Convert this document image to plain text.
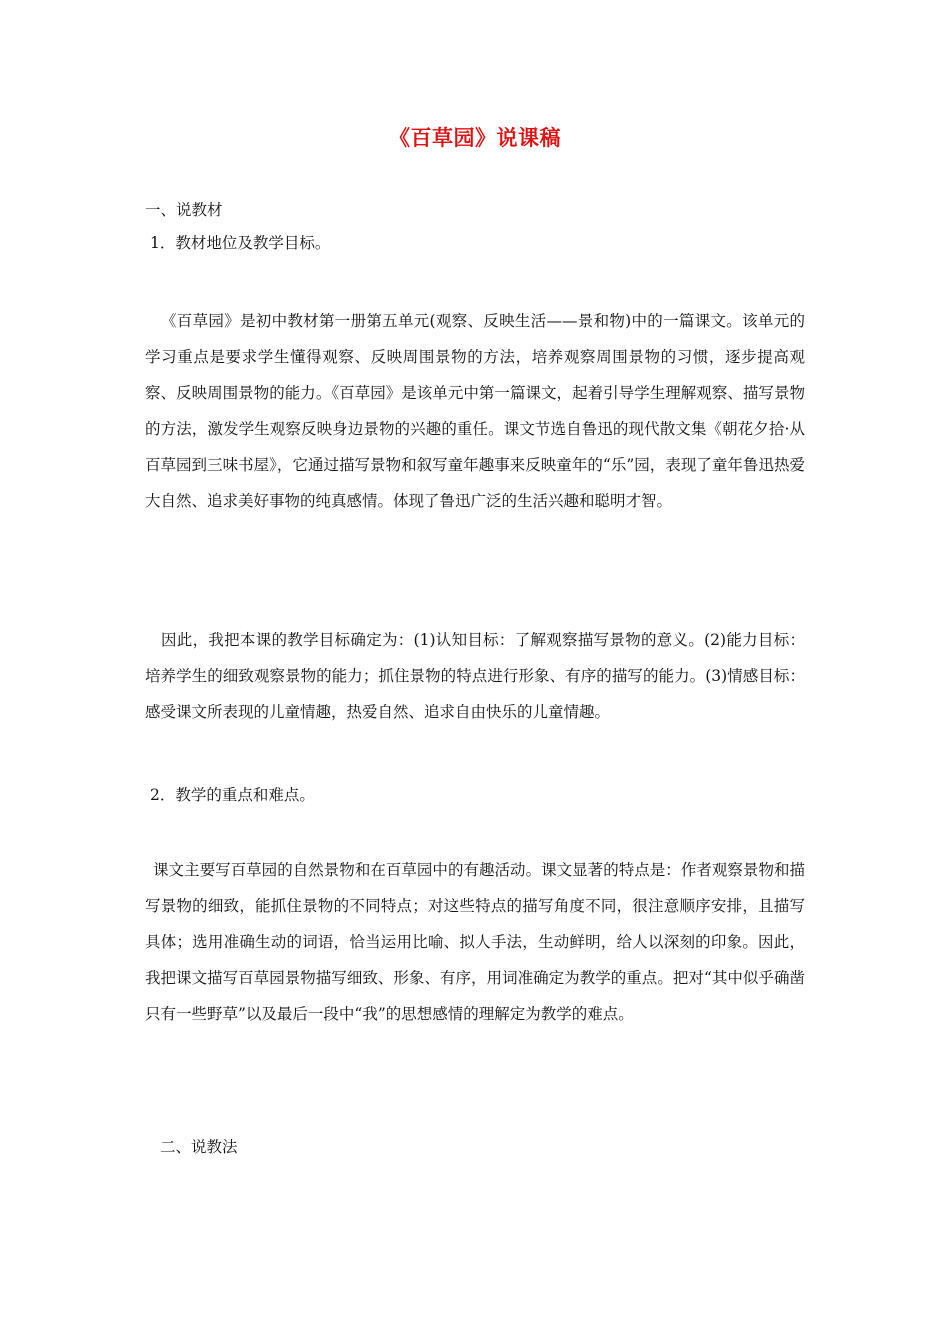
《百草园》说课稿
一、说教材
1．教材地位及教学目标。
《百草园》是初中教材第一册第五单元(观察、反映生活——景和物)中的一篇课文。该单元的学习重点是要求学生懂得观察、反映周围景物的方法，培养观察周围景物的习惯，逐步提高观察、反映周围景物的能力。《百草园》是该单元中第一篇课文，起着引导学生理解观察、描写景物的方法，激发学生观察反映身边景物的兴趣的重任。课文节选自鲁迅的现代散文集《朝花夕拾·从百草园到三味书屋》，它通过描写景物和叙写童年趣事来反映童年的“乐”园，表现了童年鲁迅热爱大自然、追求美好事物的纯真感情。体现了鲁迅广泛的生活兴趣和聪明才智。
因此，我把本课的教学目标确定为：(1)认知目标：了解观察描写景物的意义。(2)能力目标：培养学生的细致观察景物的能力；抓住景物的特点进行形象、有序的描写的能力。(3)情感目标：感受课文所表现的儿童情趣，热爱自然、追求自由快乐的儿童情趣。
2．教学的重点和难点。
课文主要写百草园的自然景物和在百草园中的有趣活动。课文显著的特点是：作者观察景物和描写景物的细致，能抓住景物的不同特点；对这些特点的描写角度不同，很注意顺序安排，且描写具体；选用准确生动的词语，恰当运用比喻、拟人手法，生动鲜明，给人以深刻的印象。因此，我把课文描写百草园景物描写细致、形象、有序，用词准确定为教学的重点。把对“其中似乎确凿只有一些野草”以及最后一段中“我”的思想感情的理解定为教学的难点。
二、说教法
